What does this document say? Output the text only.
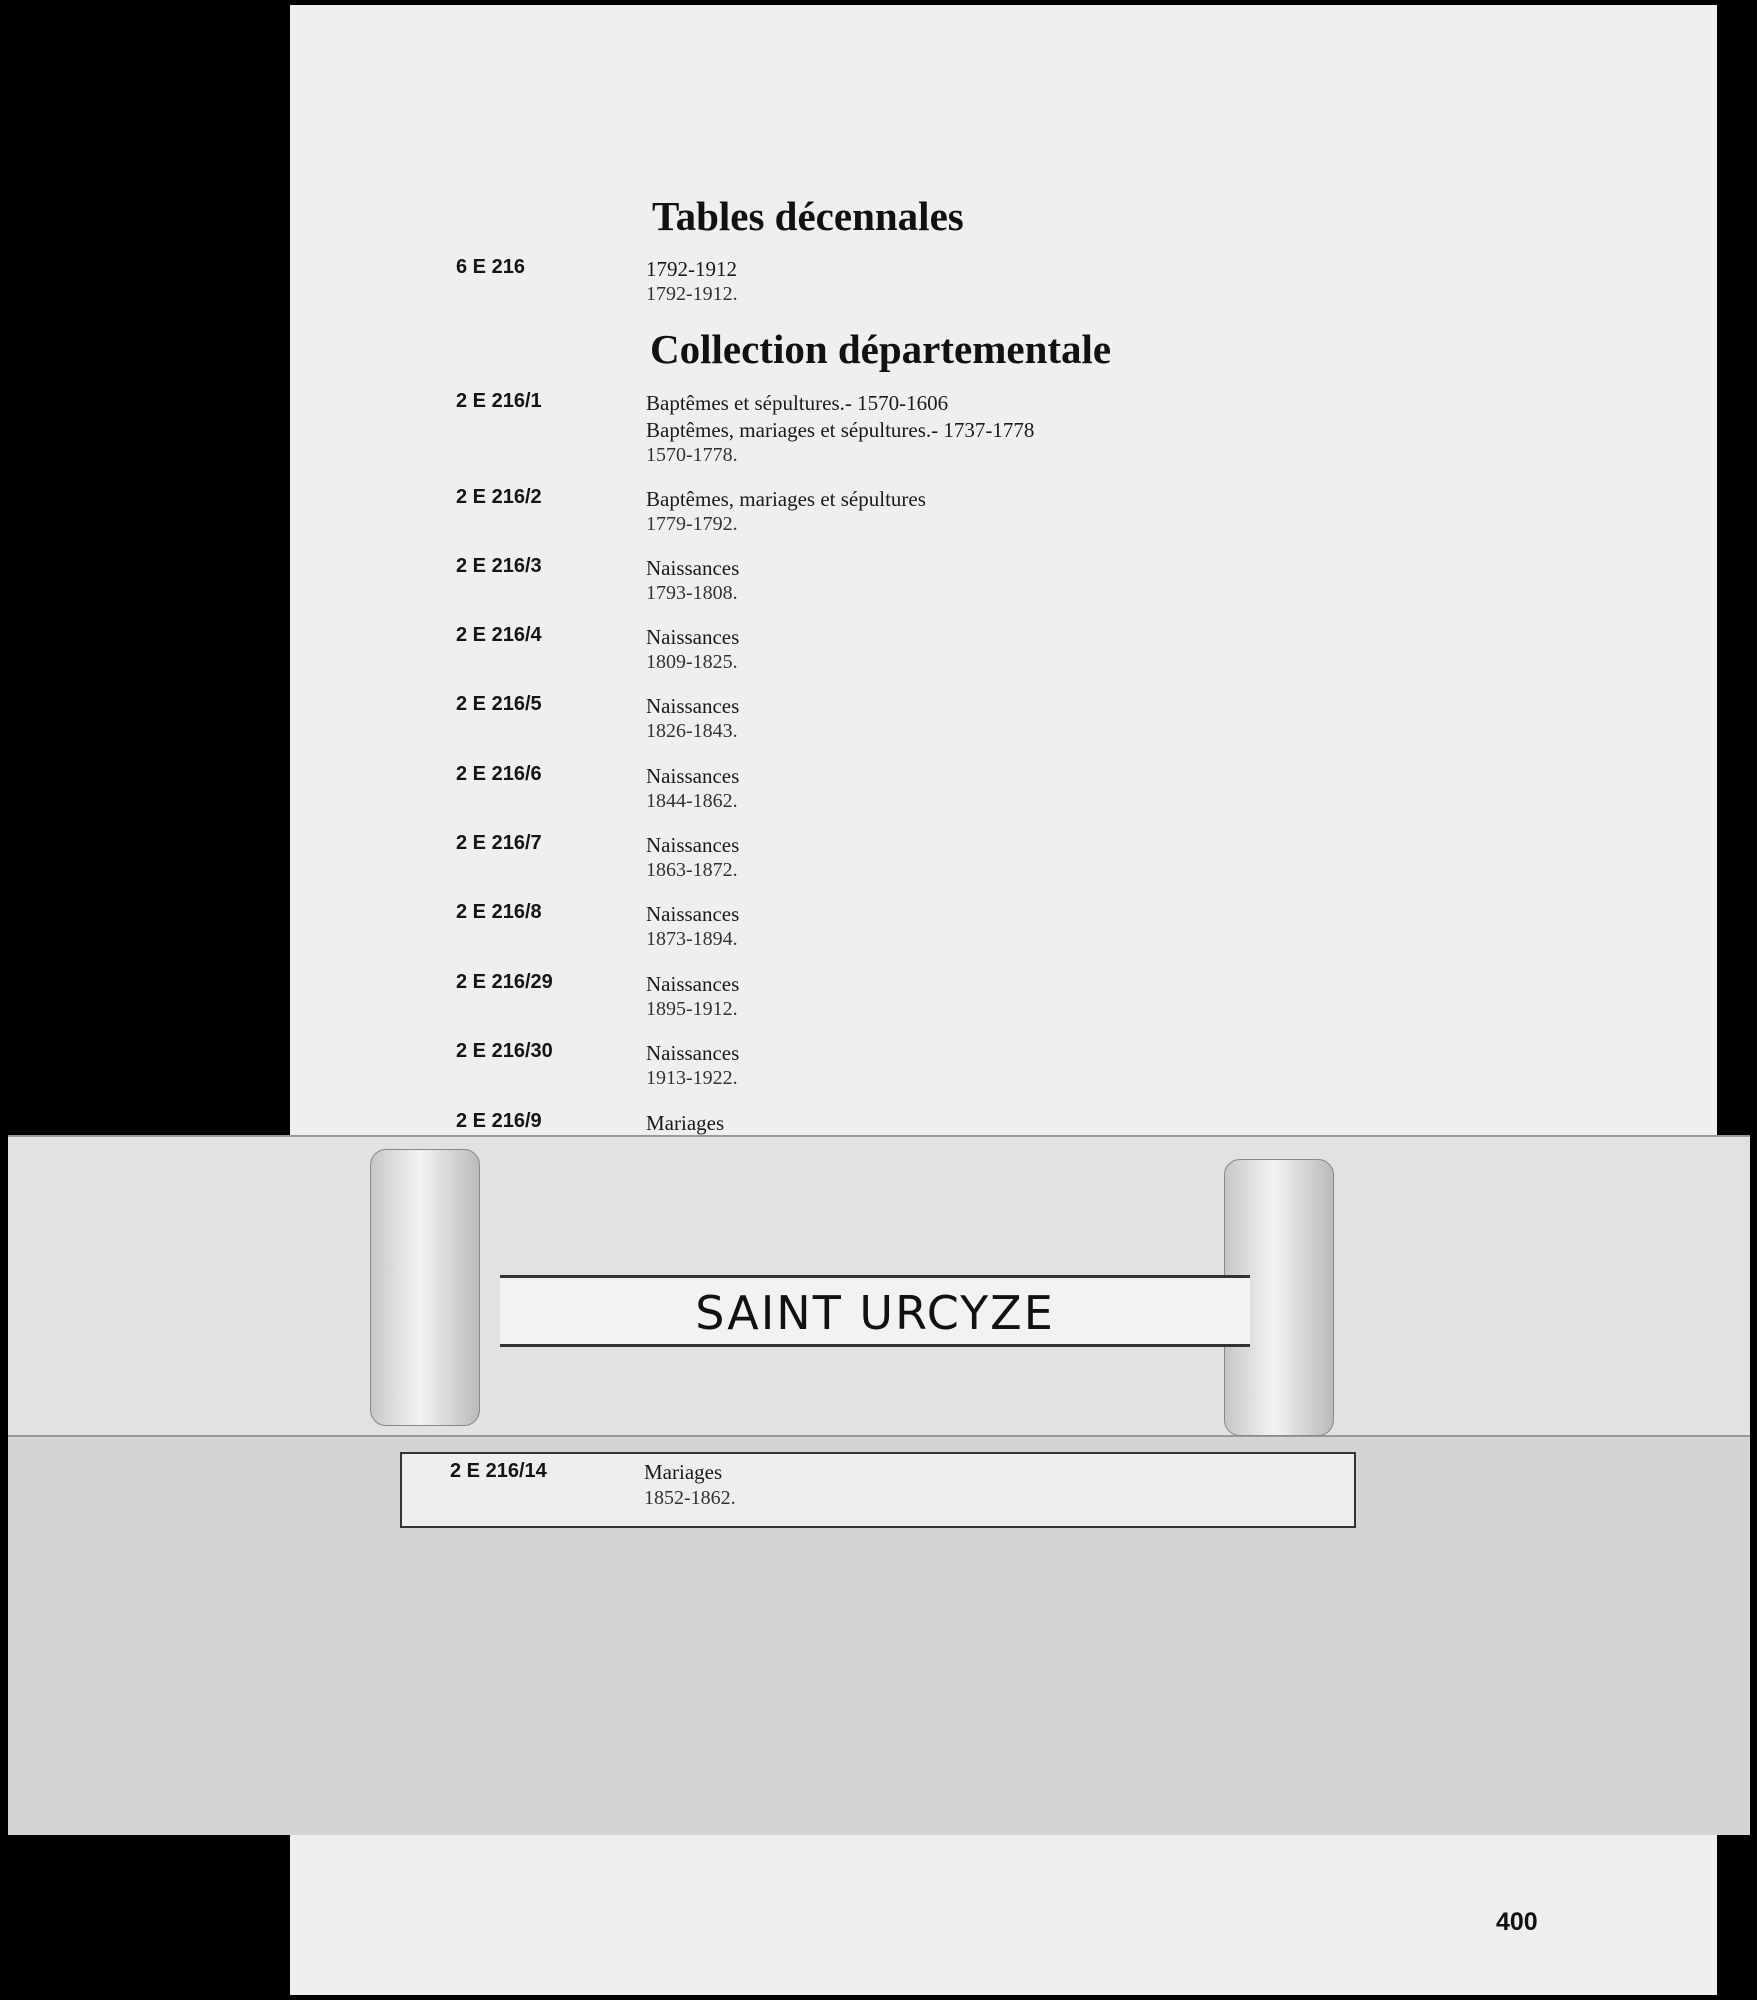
Tables décennales
6 E 216	1792-1912
1792-1912.
Collection départementale
2 E 216/1	Baptêmes et sépultures.- 1570-1606
Baptêmes, mariages et sépultures.- 1737-1778
1570-1778.
2 E 216/2	Baptêmes, mariages et sépultures
1779-1792.
2 E 216/3	Naissances
1793-1808.
2 E 216/4	Naissances
1809-1825.
2 E 216/5	Naissances
1826-1843.
2 E 216/6	Naissances
1844-1862.
2 E 216/7	Naissances
1863-1872.
2 E 216/8	Naissances
1873-1894.
2 E 216/29	Naissances
1895-1912.
2 E 216/30	Naissances
1913-1922.
2 E 216/9	Mariages
SAINT URCYZE
2 E 216/14	Mariages
1852-1862.
400
